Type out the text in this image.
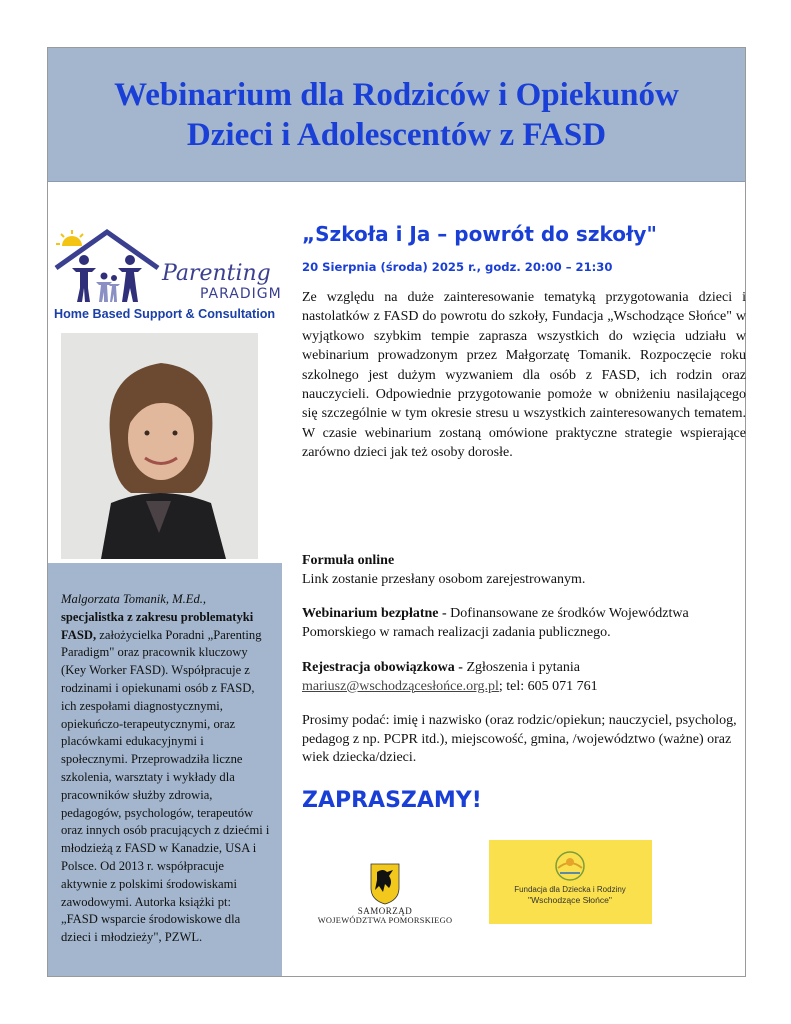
Webinarium dla Rodziców i Opiekunów
Dzieci i Adolescentów z FASD
Parenting
PARADIGM
Home Based Support & Consultation
Malgorzata Tomanik, M.Ed.,
specjalistka z zakresu problematyki FASD, założycielka Poradni „Parenting Paradigm" oraz pracownik kluczowy (Key Worker FASD). Współpracuje z rodzinami i opiekunami osób z FASD, ich zespołami diagnostycznymi, opiekuńczo-terapeutycznymi, oraz placówkami edukacyjnymi i społecznymi. Przeprowadziła liczne szkolenia, warsztaty i wykłady dla pracowników służby zdrowia, pedagogów, psychologów, terapeutów oraz innych osób pracujących z dziećmi i młodzieżą z FASD w Kanadzie, USA i Polsce. Od 2013 r. współpracuje aktywnie z polskimi środowiskami zawodowymi. Autorka książki pt: „FASD wsparcie środowiskowe dla dzieci i młodzieży", PZWL.

„Szkoła i Ja – powrót do szkoły"

20 Sierpnia (środa) 2025 r., godz. 20:00 – 21:30

Ze względu na duże zainteresowanie tematyką przygotowania dzieci i nastolatków z FASD do powrotu do szkoły, Fundacja „Wschodzące Słońce" w wyjątkowo szybkim tempie zaprasza wszystkich do wzięcia udziału w webinarium prowadzonym przez Małgorzatę Tomanik. Rozpoczęcie roku szkolnego jest dużym wyzwaniem dla osób z FASD, ich rodzin oraz nauczycieli. Odpowiednie przygotowanie pomoże w obniżeniu nasilającego się szczególnie w tym okresie stresu u wszystkich zainteresowanych tematem. W czasie webinarium zostaną omówione praktyczne strategie wspierające zarówno dzieci jak też osoby dorosłe.

Formuła online
Link zostanie przesłany osobom zarejestrowanym.
Webinarium bezpłatne - Dofinansowane ze środków Województwa Pomorskiego w ramach realizacji zadania publicznego.
Rejestracja obowiązkowa - Zgłoszenia i pytania
mariusz@wschodzącesłońce.org.pl; tel: 605 071 761
Prosimy podać: imię i nazwisko (oraz rodzic/opiekun; nauczyciel, psycholog, pedagog z np. PCPR itd.), miejscowość, gmina, /województwo (ważne) oraz wiek dziecka/dzieci.
ZAPRASZAMY!
SAMORZĄD
WOJEWÓDZTWA POMORSKIEGO
Fundacja dla Dziecka i Rodziny
"Wschodzące Słońce"
